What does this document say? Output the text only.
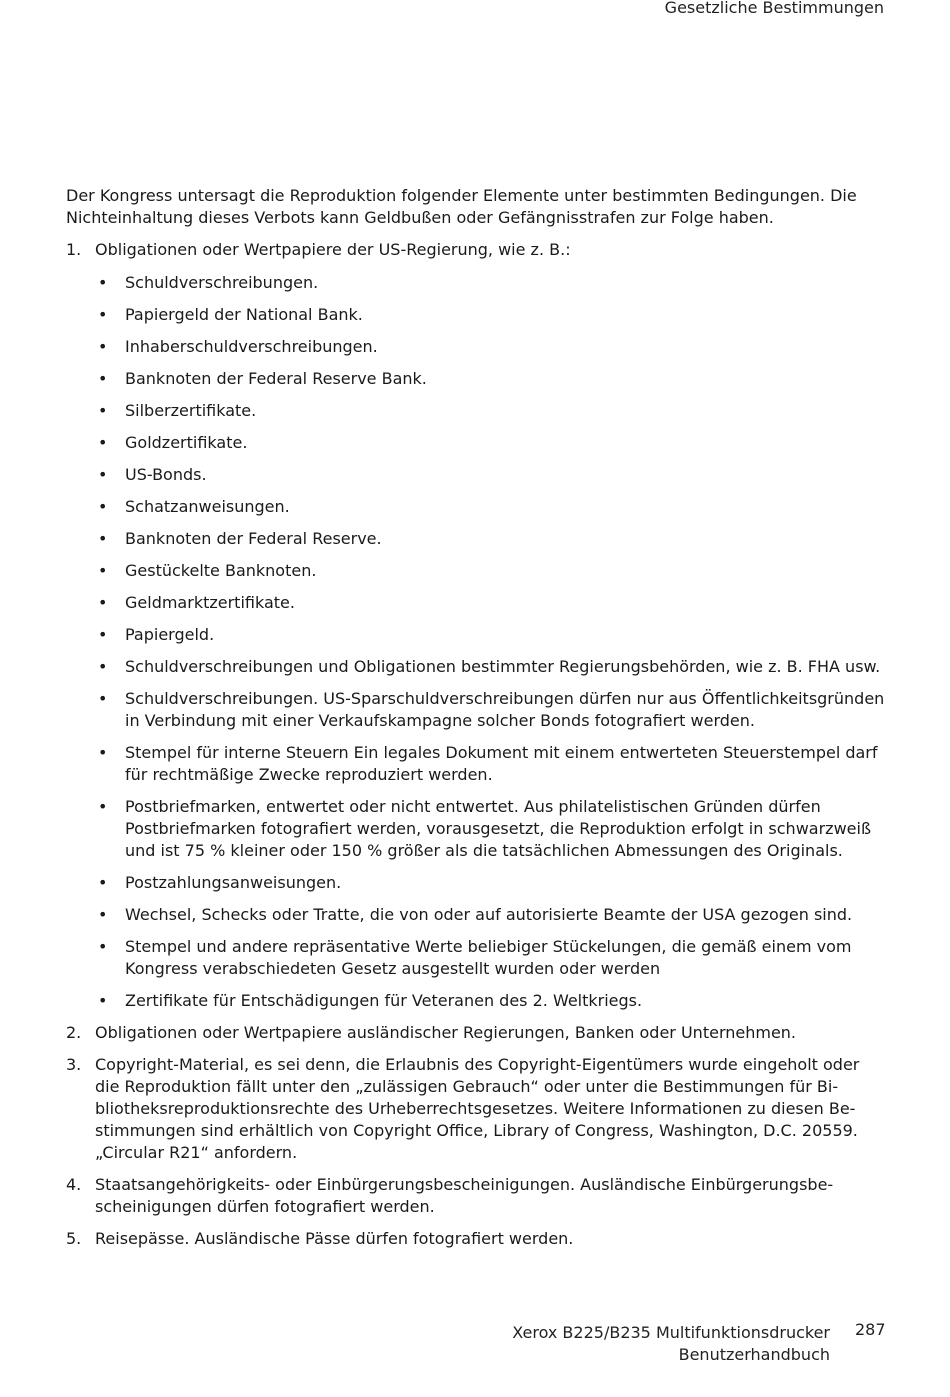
Gesetzliche Bestimmungen

Der Kongress untersagt die Reproduktion folgender Elemente unter bestimmten Bedingungen. Die Nichteinhaltung dieses Verbots kann Geldbußen oder Gefängnisstrafen zur Folge haben.

1. Obligationen oder Wertpapiere der US-Regierung, wie z. B.:
• Schuldverschreibungen.
• Papiergeld der National Bank.
• Inhaberschuldverschreibungen.
• Banknoten der Federal Reserve Bank.
• Silberzertifikate.
• Goldzertifikate.
• US-Bonds.
• Schatzanweisungen.
• Banknoten der Federal Reserve.
• Gestückelte Banknoten.
• Geldmarktzertifikate.
• Papiergeld.
• Schuldverschreibungen und Obligationen bestimmter Regierungsbehörden, wie z. B. FHA usw.
• Schuldverschreibungen. US-Sparschuldverschreibungen dürfen nur aus Öffentlichkeitsgründen in Verbindung mit einer Verkaufskampagne solcher Bonds fotografiert werden.
• Stempel für interne Steuern Ein legales Dokument mit einem entwerteten Steuerstempel darf für rechtmäßige Zwecke reproduziert werden.
• Postbriefmarken, entwertet oder nicht entwertet. Aus philatelistischen Gründen dürfen Postbriefmarken fotografiert werden, vorausgesetzt, die Reproduktion erfolgt in schwarzweiß und ist 75 % kleiner oder 150 % größer als die tatsächlichen Abmessungen des Originals.
• Postzahlungsanweisungen.
• Wechsel, Schecks oder Tratte, die von oder auf autorisierte Beamte der USA gezogen sind.
• Stempel und andere repräsentative Werte beliebiger Stückelungen, die gemäß einem vom Kongress verabschiedeten Gesetz ausgestellt wurden oder werden
• Zertifikate für Entschädigungen für Veteranen des 2. Weltkriegs.
2. Obligationen oder Wertpapiere ausländischer Regierungen, Banken oder Unternehmen.
3. Copyright-Material, es sei denn, die Erlaubnis des Copyright-Eigentümers wurde eingeholt oder die Reproduktion fällt unter den „zulässigen Gebrauch“ oder unter die Bestimmungen für Bibliotheksreproduktionsrechte des Urheberrechtsgesetzes. Weitere Informationen zu diesen Bestimmungen sind erhältlich von Copyright Office, Library of Congress, Washington, D.C. 20559. „Circular R21“ anfordern.
4. Staatsangehörigkeits- oder Einbürgerungsbescheinigungen. Ausländische Einbürgerungsbescheinigungen dürfen fotografiert werden.
5. Reisepässe. Ausländische Pässe dürfen fotografiert werden.
Xerox B225/B235 Multifunktionsdrucker
Benutzerhandbuch
287
